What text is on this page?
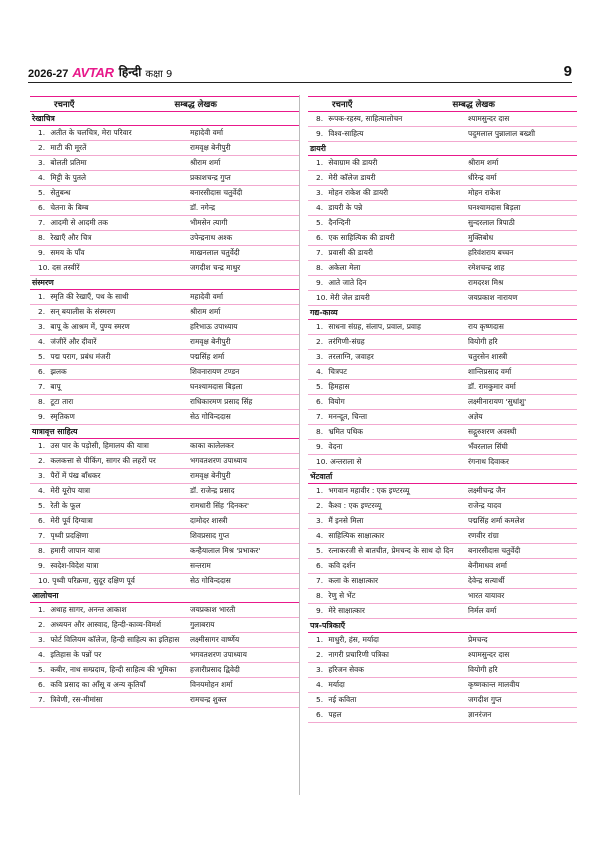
2026-27 AVTAR हिन्दी कक्षा 9	9
रचनाएँ	सम्बद्ध लेखक
रेखाचित्र
1. अतीत के चलचित्र, मेरा परिवार	महादेवी वर्मा
2. माटी की मूरतें	रामवृक्ष बेनीपुरी
3. बोलती प्रतिमा	श्रीराम शर्मा
4. मिट्टी के पुतले	प्रकाशचन्द्र गुप्त
5. सेतुबन्ध	बनारसीदास चतुर्वेदी
6. चेतना के बिम्ब	डॉ. नगेन्द्र
7. आदमी से आदमी तक	भीमसेन त्यागी
8. रेखाएँ और चित्र	उपेन्द्रनाथ अश्क
9. समय के पाँव	माखनलाल चतुर्वेदी
10. दस तस्वीरें	जगदीश चन्द्र माथुर
संस्मरण
1. स्मृति की रेखाएँ, पथ के साथी	महादेवी वर्मा
2. सन् बयालीस के संस्मरण	श्रीराम शर्मा
3. बापू के आश्रम में, पुण्य स्मरण	हरिभाऊ उपाध्याय
4. जंजीरें और दीवारें	रामवृक्ष बेनीपुरी
5. पद्म पराग, प्रबंध मंजरी	पद्मसिंह शर्मा
6. झलक	शिवनारायण टण्डन
7. बापू	घनश्यामदास बिड़ला
8. टूटा तारा	राधिकारमण प्रसाद सिंह
9. स्मृतिकण	सेठ गोविन्ददास
यात्रावृत्त साहित्य
1. उस पार के पड़ोसी, हिमालय की यात्रा	काका कालेलकर
2. कलकत्ता से पीकिंग, सागर की लहरों पर	भगवतशरण उपाध्याय
3. पैरों में पंख बाँधकर	रामवृक्ष बेनीपुरी
4. मेरी यूरोप यात्रा	डॉ. राजेन्द्र प्रसाद
5. रेती के फूल	रामधारी सिंह 'दिनकर'
6. मेरी पूर्व दिग्यात्रा	दामोदर शास्त्री
7. पृथ्वी प्रदक्षिणा	शिवप्रसाद गुप्त
8. हमारी जापान यात्रा	कन्हैयालाल मिश्र 'प्रभाकर'
9. स्वदेश-विदेश यात्रा	सन्तराम
10. पृथ्वी परिक्रमा, सुदूर दक्षिण पूर्व	सेठ गोविन्ददास
आलोचना
1. अथाह सागर, अनन्त आकाश	जयप्रकाश भारती
2. अध्ययन और आस्वाद, हिन्दी-काव्य-विमर्श	गुलाबराय
3. फोर्ट विलियम कॉलेज, हिन्दी साहित्य का इतिहास	लक्ष्मीसागर वार्ष्णेय
4. इतिहास के पन्नों पर	भगवतशरण उपाध्याय
5. कबीर, नाथ सम्प्रदाय, हिन्दी साहित्य की भूमिका	हजारीप्रसाद द्विवेदी
6. कवि प्रसाद का आँसू व अन्य कृतियाँ	विनयमोहन शर्मा
7. त्रिवेणी, रस-मीमांसा	रामचन्द्र शुक्ल
रचनाएँ	सम्बद्ध लेखक
8. रूपक-रहस्य, साहित्यालोचन	श्यामसुन्दर दास
9. विश्व-साहित्य	पदुमलाल पुन्नालाल बख्शी
डायरी
1. सेवाग्राम की डायरी	श्रीराम शर्मा
2. मेरी कॉलेज डायरी	धीरेन्द्र वर्मा
3. मोहन राकेश की डायरी	मोहन राकेश
4. डायरी के पन्ने	घनश्यामदास बिड़ला
5. दैनन्दिनी	सुन्दरलाल त्रिपाठी
6. एक साहित्यिक की डायरी	मुक्तिबोध
7. प्रवासी की डायरी	हरिवंशराय बच्चन
8. अकेला मेला	रमेशचन्द्र शाह
9. आते जाते दिन	रामदरश मिश्र
10. मेरी जेल डायरी	जयप्रकाश नारायण
गद्य-काव्य
1. साधना संग्रह, संलाप, प्रवाल, प्रवाह	राय कृष्णदास
2. तरंगिणी-संग्रह	वियोगी हरि
3. तरलाग्नि, जवाहर	चतुरसेन शास्त्री
4. चित्रपट	शान्तिप्रसाद वर्मा
5. हिमहास	डॉ. रामकुमार वर्मा
6. वियोग	लक्ष्मीनारायण 'सुधांशु'
7. मनन्दूत, चिन्ता	अज्ञेय
8. भ्रमित पथिक	सद्गुरुशरण अवस्थी
9. वेदना	भँवरलाल सिंघी
10. अन्तराला से	रंगनाथ दिवाकर
भेंटवार्ता
1. भगवान महावीर : एक इण्टरव्यू	लक्ष्मीचन्द्र जैन
2. कैश्व : एक इण्टरव्यू	राजेन्द्र यादव
3. मैं इनसे मिला	पद्मसिंह शर्मा कमलेश
4. साहित्यिक साक्षात्कार	रणवीर रांग्रा
5. रत्नाकरजी से बातचीत, प्रेमचन्द के साथ दो दिन	बनारसीदास चतुर्वेदी
6. कवि दर्शन	बेनीमाधव शर्मा
7. कला के साक्षात्कार	देवेन्द्र सत्यार्थी
8. रेणु से भेंट	भारत यायावर
9. मेरे साक्षात्कार	निर्मल वर्मा
पत्र-पत्रिकाएँ
1. माधुरी, हंस, मर्यादा	प्रेमचन्द
2. नागरी प्रचारिणी पत्रिका	श्यामसुन्दर दास
3. हरिजन सेवक	वियोगी हरि
4. मर्यादा	कृष्णकान्त मालवीय
5. नई कविता	जगदीश गुप्त
6. पहल	ज्ञानरंजन
